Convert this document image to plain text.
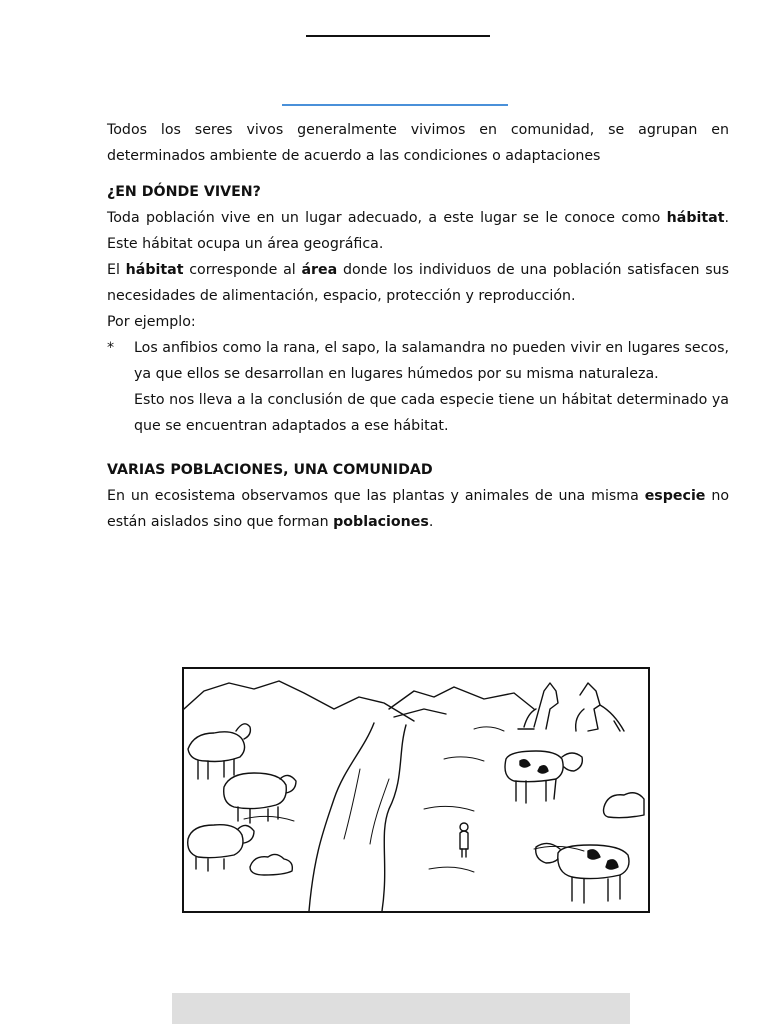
Todos los seres vivos generalmente vivimos en comunidad, se agrupan en determinados ambiente de acuerdo a las condiciones o adaptaciones

¿EN DÓNDE VIVEN?

Toda población vive en un lugar adecuado, a este lugar se le conoce como hábitat. Este hábitat ocupa un área geográfica.

El hábitat corresponde al área donde los individuos de una población satisfacen sus necesidades de alimentación, espacio, protección y reproducción.

Por ejemplo:

* Los anfibios como la rana, el sapo, la salamandra no pueden vivir en lugares secos, ya que ellos se desarrollan en lugares húmedos por su misma naturaleza.

Esto nos lleva a la conclusión de que cada especie tiene un hábitat determinado ya que se encuentran adaptados a ese hábitat.

VARIAS POBLACIONES, UNA COMUNIDAD

En un ecosistema observamos que las plantas y animales de una misma especie no están aislados sino que forman poblaciones.
